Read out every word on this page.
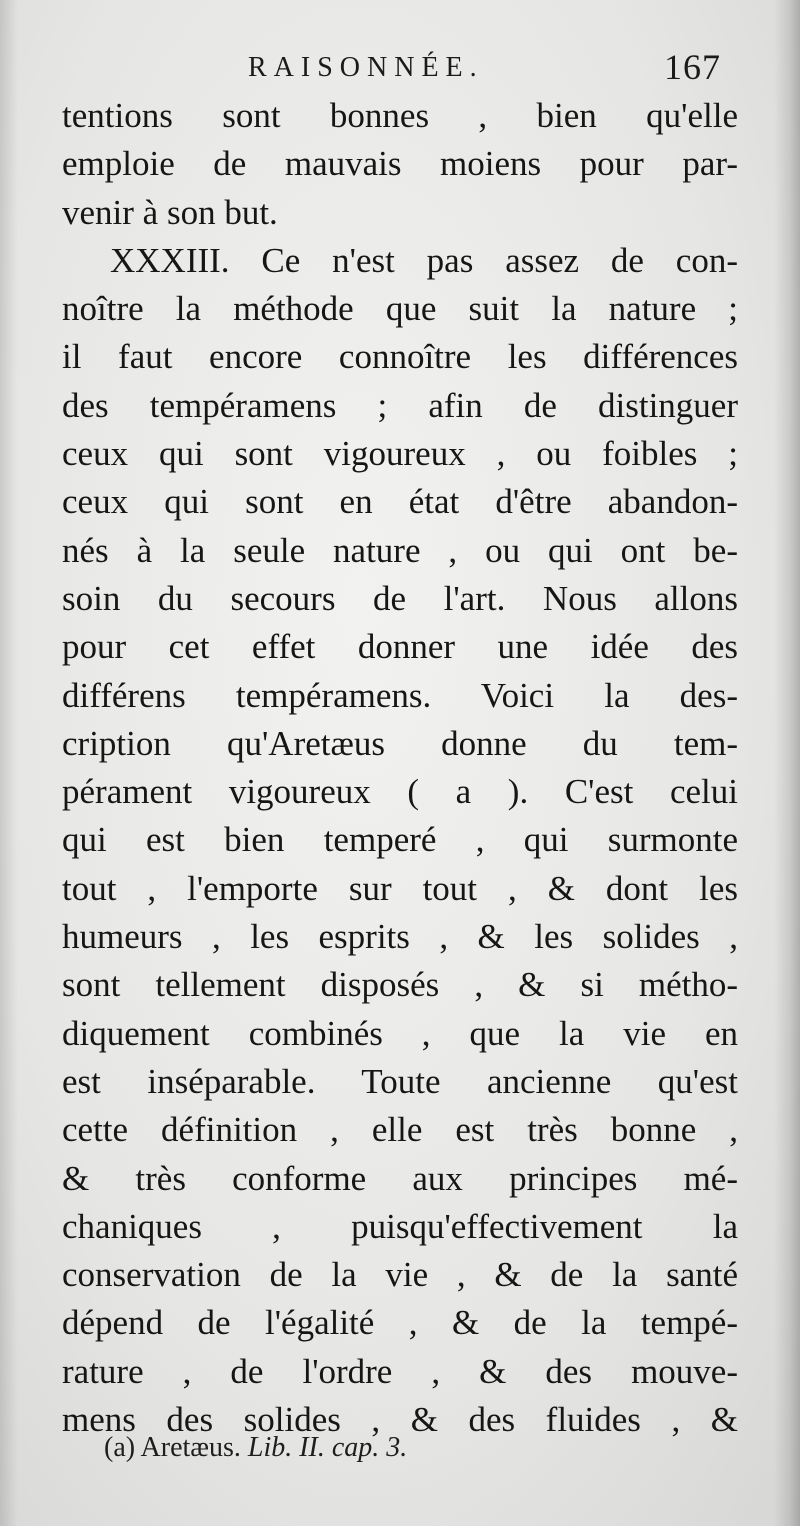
RAISONNÉE.	167
tentions sont bonnes , bien qu'elle
emploie de mauvais moiens pour par-
venir à son but.
XXXIII. Ce n'est pas assez de con-
noître la méthode que suit la nature ;
il faut encore connoître les différences
des tempéramens ; afin de distinguer
ceux qui sont vigoureux , ou foibles ;
ceux qui sont en état d'être abandon-
nés à la seule nature , ou qui ont be-
soin du secours de l'art. Nous allons
pour cet effet donner une idée des
différens tempéramens. Voici la des-
cription qu'Aretæus donne du tem-
pérament vigoureux ( a ). C'est celui
qui est bien temperé , qui surmonte
tout , l'emporte sur tout , & dont les
humeurs , les esprits , & les solides ,
sont tellement disposés , & si métho-
diquement combinés , que la vie en
est inséparable. Toute ancienne qu'est
cette définition , elle est très bonne ,
& très conforme aux principes mé-
chaniques , puisqu'effectivement la
conservation de la vie , & de la santé
dépend de l'égalité , & de la tempé-
rature , de l'ordre , & des mouve-
mens des solides , & des fluides , &
(a) Aretæus. Lib. II. cap. 3.
